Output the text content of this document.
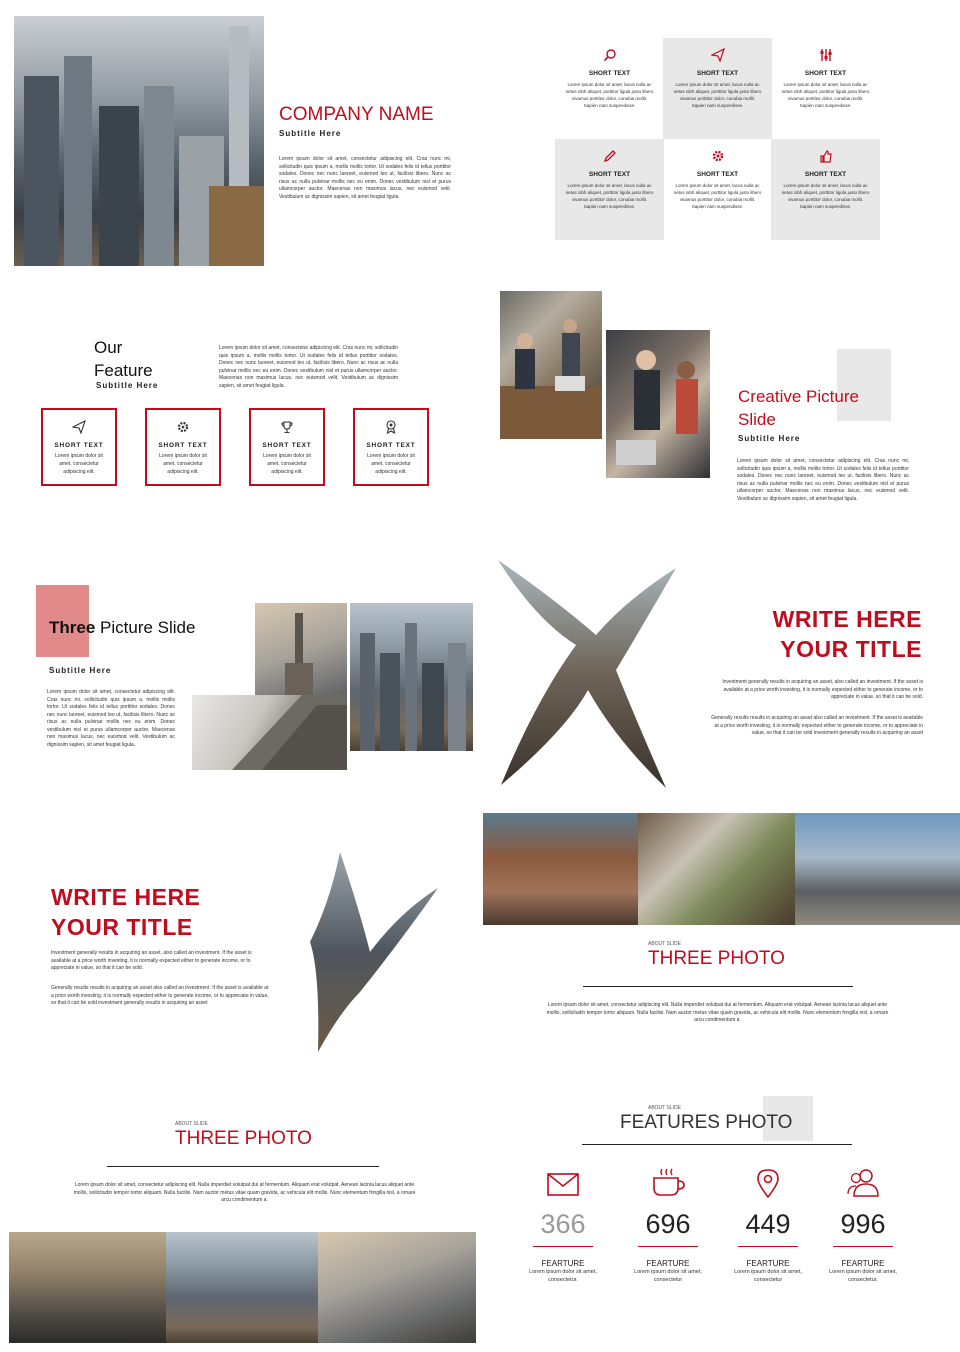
COMPANY NAME
Subtitle Here
Lorem ipsum dolor sit amet, consectetur adipiscing elit. Cras nunc mi, sollicitudin quis ipsum a, mollis mollis tortor. Ut sodales felis id tellus porttitor sodales. Donec nec nunc laoreet, euismod leo ut, facilisis libero. Nunc ac risus ac nulla pulvinar mollis nec eu enim. Donec vestibulum nisl et purus ullamcorper auctor. Maecenas non maximus lacus, nec euismod velit. Vestibulum ac dignissim sapien, sit amet feugiat ligula.
SHORT TEXT
Lorem ipsum dolor sit amet, lacus nulla ac netus nibh aliquet, porttitor ligula justo libero vivamus porttitor dolor, conubia mollit. Sapien nam suspendisse.
SHORT TEXT
Lorem ipsum dolor sit amet, lacus nulla ac netus nibh aliquet, porttitor ligula justo libero vivamus porttitor dolor, conubia mollit. Sapien nam suspendisse.
SHORT TEXT
Lorem ipsum dolor sit amet, lacus nulla ac netus nibh aliquet, porttitor ligula justo libero vivamus porttitor dolor, conubia mollit. Sapien nam suspendisse.
SHORT TEXT
Lorem ipsum dolor sit amet, lacus nulla ac netus nibh aliquet, porttitor ligula justo libero vivamus porttitor dolor, conubia mollit. Sapien nam suspendisse.
SHORT TEXT
Lorem ipsum dolor sit amet, lacus nulla ac netus nibh aliquet, porttitor ligula justo libero vivamus porttitor dolor, conubia mollit. Sapien nam suspendisse.
SHORT TEXT
Lorem ipsum dolor sit amet, lacus nulla ac netus nibh aliquet, porttitor ligula justo libero vivamus porttitor dolor, conubia mollit. Sapien nam suspendisse.
Our
Feature
Subtitle Here
Lorem ipsum dolor sit amet, consectetur adipiscing elit. Cras nunc mi, sollicitudin quis ipsum a, mollis mollis tortor. Ut sodales felis id tellus porttitor sodales. Donec nec nunc laoreet, euismod leo ut, facilisis libero. Nunc ac risus ac nulla pulvinar mollis nec eu enim. Donec vestibulum nisl et purus ullamcorper auctor. Maecenas non maximus lacus, nec euismod velit. Vestibulum ac dignissim sapien, sit amet feugiat ligula.
SHORT TEXT
Lorem ipsum dolor sit amet, consectetur adipiscing elit.
SHORT TEXT
Lorem ipsum dolor sit amet, consectetur adipiscing elit.
SHORT TEXT
Lorem ipsum dolor sit amet, consectetur adipiscing elit.
SHORT TEXT
Lorem ipsum dolor sit amet, consectetur adipiscing elit.
Creative Picture
Slide
Subtitle Here
Lorem ipsum dolor sit amet, consectetur adipiscing elit. Cras nunc mi, sollicitudin quis ipsum a, mollis mollis tortor. Ut sodales felis id tellus porttitor sodales. Donec nec nunc laoreet, euismod leo ut, facilisis libero. Nunc ac risus ac nulla pulvinar mollis nec eu enim. Donec vestibulum nisl et purus ullamcorper auctor. Maecenas non maximus lacus, nec euismod velit. Vestibulum ac dignissim sapien, sit amet feugiat ligula.
Three Picture Slide
Subtitle Here
Lorem ipsum dolor sit amet, consectetur adipiscing elit. Cras nunc mi, sollicitudin quis ipsum a, mollis mollis tortor. Ut sodales felis id tellus porttitor sodales. Donec nec nunc laoreet, euismod leo ut, facilisis libero. Nunc ac risus ac nulla pulvinar mollis nec eu enim. Donec vestibulum nisl et purus ullamcorper auctor. Maecenas non maximus lacus, nec euismod velit. Vestibulum ac dignissim sapien, sit amet feugiat ligula.
WRITE HERE
YOUR TITLE
Investment generally results in acquiring an asset, also called an investment. If the asset is available at a price worth investing, it is normally expected either to generate income, or to appreciate in value, so that it can be sold.
Generally results results in acquiring an asset also called an investment. If the asset is available at a price worth investing, it is normally expected either to generate income, or to appreciate in value, so that it can be sold investment generally results in acquiring an asset
WRITE HERE
YOUR TITLE
Investment generally results in acquiring an asset, also called an investment. If the asset is available at a price worth investing, it is normally expected either to generate income, or to appreciate in value, so that it can be sold.
Generally results results in acquiring an asset also called an investment. If the asset is available at a price worth investing, it is normally expected either to generate income, or to appreciate in value, so that it can be sold investment generally results in acquiring an asset
ABOUT SLIDE
THREE PHOTO
Lorem ipsum dolor sit amet, consectetur adipiscing elit. Nulla imperdiet volutpat dui at fermentum. Aliquam erat volutpat. Aenean lacinia lacus aliquet ante mollis, sollicitudin tempor tortor aliquam. Nulla facilisi. Nam auctor metus vitae quam gravida, ac vehicula elit mollis. Nunc elementum fringilla nisl, a ornare arcu condimentum a.
ABOUT SLIDE
THREE PHOTO
Lorem ipsum dolor sit amet, consectetur adipiscing elit. Nulla imperdiet volutpat dui at fermentum. Aliquam erat volutpat. Aenean lacinia lacus aliquet ante mollis, sollicitudin tempor tortor aliquam. Nulla facilisi. Nam auctor metus vitae quam gravida, ac vehicula elit mollis. Nunc elementum fringilla nisl, a ornare arcu condimentum a.
ABOUT SLIDE
FEATURES PHOTO
366
FEARTURE
Lorem ipsum dolor sit amet, consectetur.
696
FEARTURE
Lorem ipsum dolor sit amet, consectetur
449
FEARTURE
Lorem ipsum dolor sit amet, consectetur
996
FEARTURE
Lorem ipsum dolor sit amet, consectetur.
